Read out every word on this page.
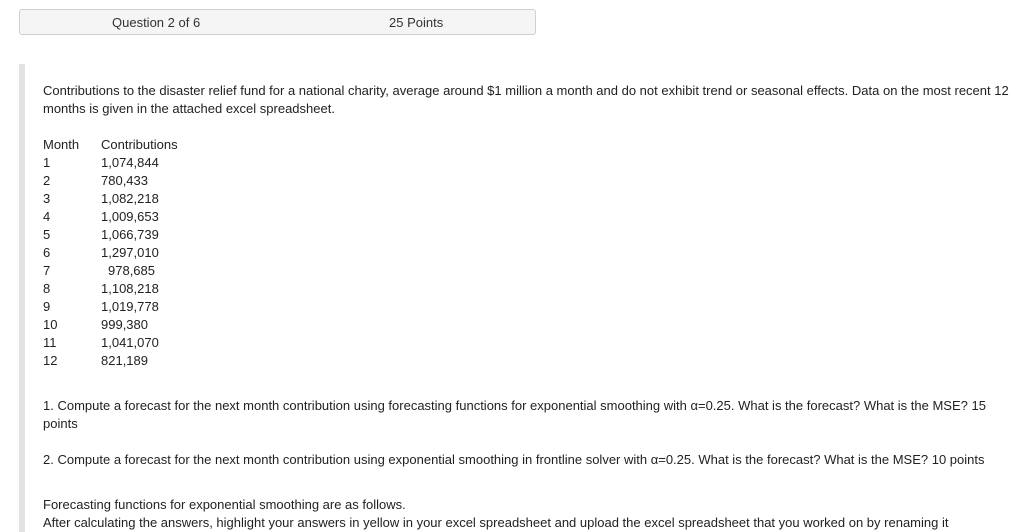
Question 2 of 6	25 Points
Contributions to the disaster relief fund for a national charity, average around $1 million a month and do not exhibit trend or seasonal effects. Data on the most recent 12 months is given in the attached excel spreadsheet.
Month	Contributions
1	1,074,844
2	780,433
3	1,082,218
4	1,009,653
5	1,066,739
6	1,297,010
7	978,685
8	1,108,218
9	1,019,778
10	999,380
11	1,041,070
12	821,189
1. Compute a forecast for the next month contribution using forecasting functions for exponential smoothing with α=0.25. What is the forecast? What is the MSE? 15 points
2. Compute a forecast for the next month contribution using exponential smoothing in frontline solver with α=0.25. What is the forecast? What is the MSE? 10 points
Forecasting functions for exponential smoothing are as follows.
After calculating the answers, highlight your answers in yellow in your excel spreadsheet and upload the excel spreadsheet that you worked on by renaming it
